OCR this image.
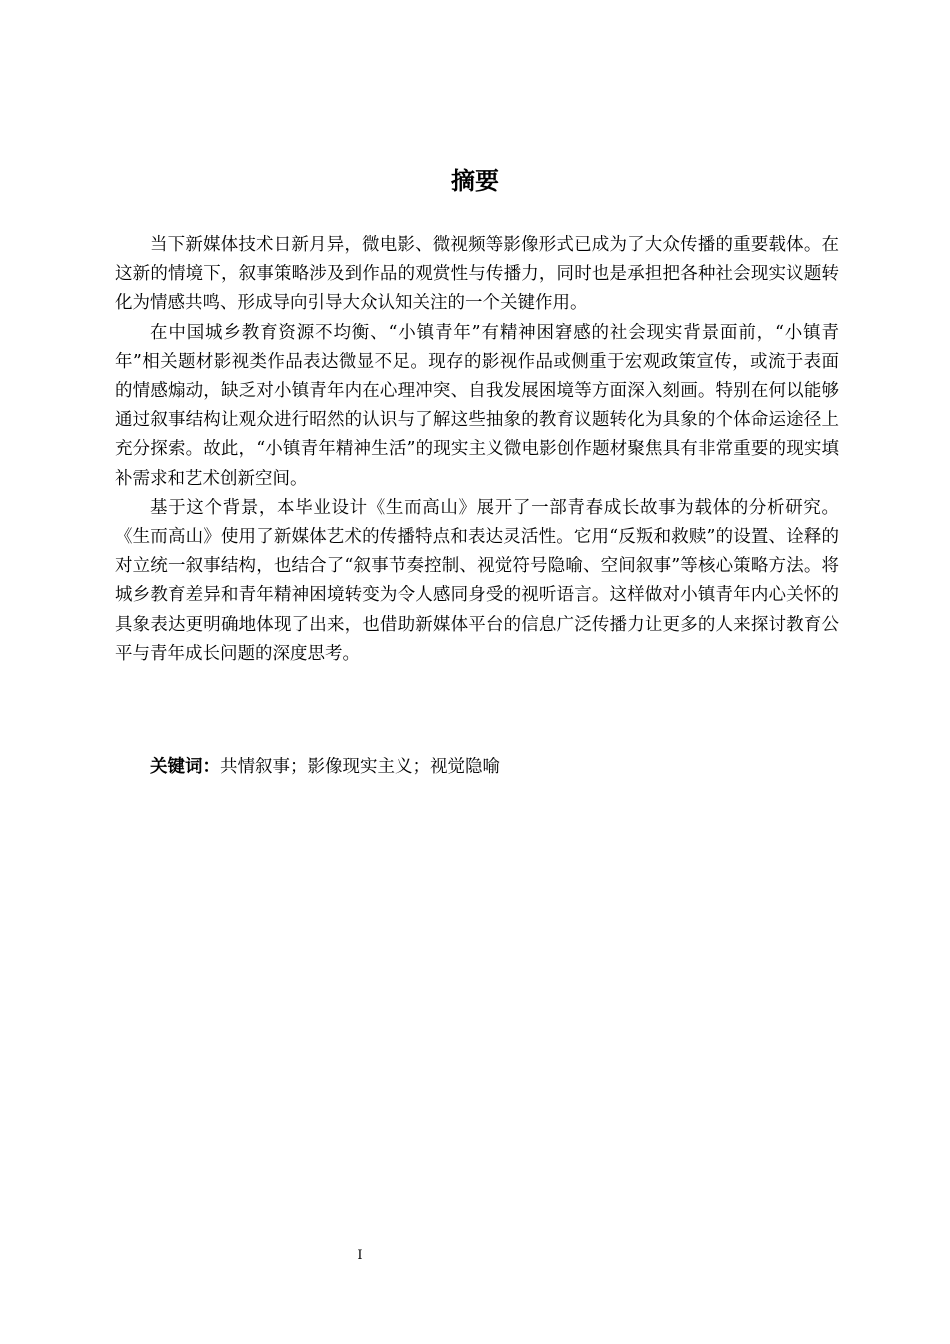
摘要

当下新媒体技术日新月异，微电影、微视频等影像形式已成为了大众传播的重要载体。在这新的情境下，叙事策略涉及到作品的观赏性与传播力，同时也是承担把各种社会现实议题转化为情感共鸣、形成导向引导大众认知关注的一个关键作用。

在中国城乡教育资源不均衡、“小镇青年”有精神困窘感的社会现实背景面前，“小镇青年”相关题材影视类作品表达微显不足。现存的影视作品或侧重于宏观政策宣传，或流于表面的情感煽动，缺乏对小镇青年内在心理冲突、自我发展困境等方面深入刻画。特别在何以能够通过叙事结构让观众进行昭然的认识与了解这些抽象的教育议题转化为具象的个体命运途径上充分探索。故此，“小镇青年精神生活”的现实主义微电影创作题材聚焦具有非常重要的现实填补需求和艺术创新空间。

基于这个背景，本毕业设计《生而高山》展开了一部青春成长故事为载体的分析研究。《生而高山》使用了新媒体艺术的传播特点和表达灵活性。它用“反叛和救赎”的设置、诠释的对立统一叙事结构，也结合了“叙事节奏控制、视觉符号隐喻、空间叙事”等核心策略方法。将城乡教育差异和青年精神困境转变为令人感同身受的视听语言。这样做对小镇青年内心关怀的具象表达更明确地体现了出来，也借助新媒体平台的信息广泛传播力让更多的人来探讨教育公平与青年成长问题的深度思考。

关键词：共情叙事；影像现实主义；视觉隐喻

I
